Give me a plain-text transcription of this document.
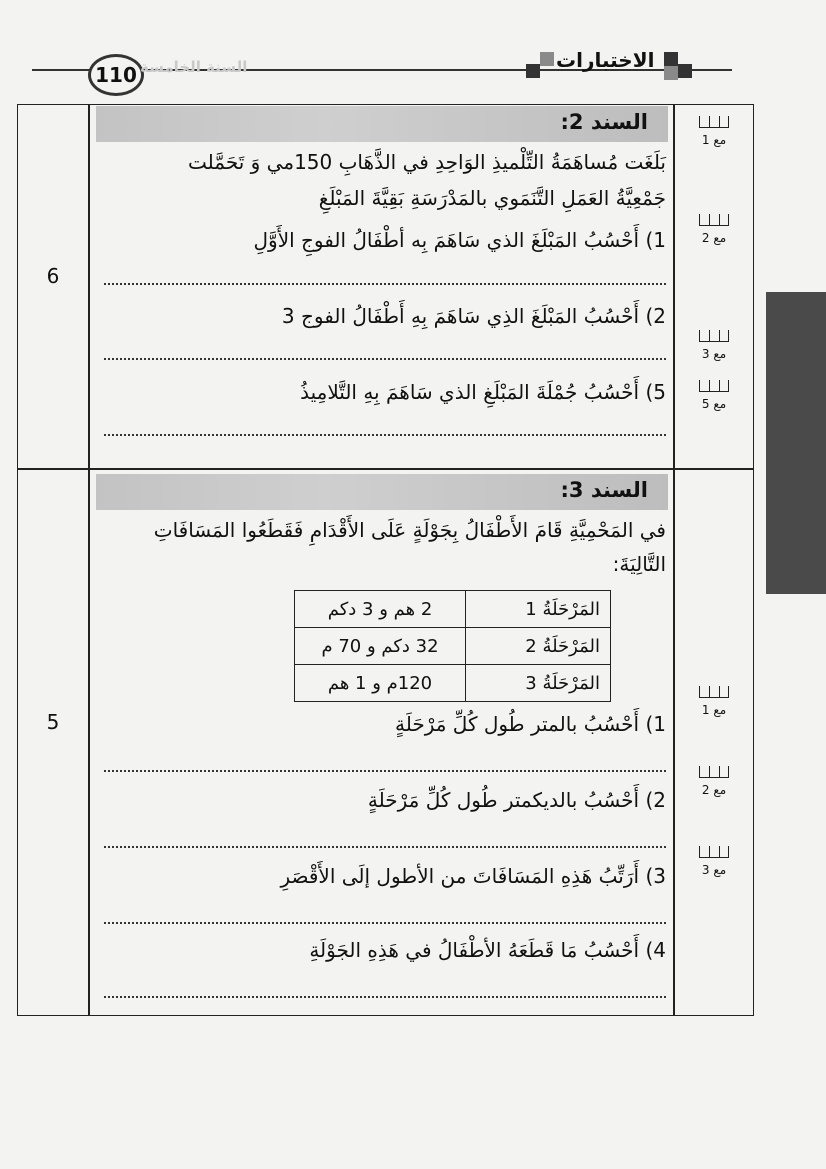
110 السنة الخامسة	الاختبارات
6
السند 2:
بَلَغَت مُساهَمَةُ التِّلْميذِ الوَاحِدِ في الذَّهَابِ 150مي وَ تَحَمَّلت
جَمْعِيَّةُ العَمَلِ التَّنَمَوي بالمَدْرَسَةِ بَقِيَّةَ المَبْلَغِ
1) أَحْسُبُ المَبْلَغَ الذي سَاهَمَ بِه أطْفَالُ الفوجِ الأَوَّلِ
2) أَحْسُبُ المَبْلَغَ الذِي سَاهَمَ بِهِ أَطْفَالُ الفوج 3
5) أَحْسُبُ جُمْلَةَ المَبْلَغِ الذي سَاهَمَ بِهِ التَّلامِيذُ
مع 1
مع 2
مع 3
مع 5
5
السند 3:
في المَحْمِيَّةِ قَامَ الأَطْفَالُ بِجَوْلَةٍ عَلَى الأَقْدَامِ فَقَطَعُوا المَسَافَاتِ
التَّالِيَةَ:
المَرْحَلَةُ 1	2 هم و 3 دكم
المَرْحَلَةُ 2	32 دكم و 70 م
المَرْحَلَةُ 3	120م و 1 هم
1) أَحْسُبُ بالمتر طُول كُلِّ مَرْحَلَةٍ
2) أَحْسُبُ بالديكمتر طُول كُلِّ مَرْحَلَةٍ
3) أَرَتِّبُ هَذِهِ المَسَافَاتَ من الأطول إلَى الأَقْصَرِ
4) أَحْسُبُ مَا قَطَعَهُ الأطْفَالُ في هَذِهِ الجَوْلَةِ
مع 1
مع 2
مع 3
